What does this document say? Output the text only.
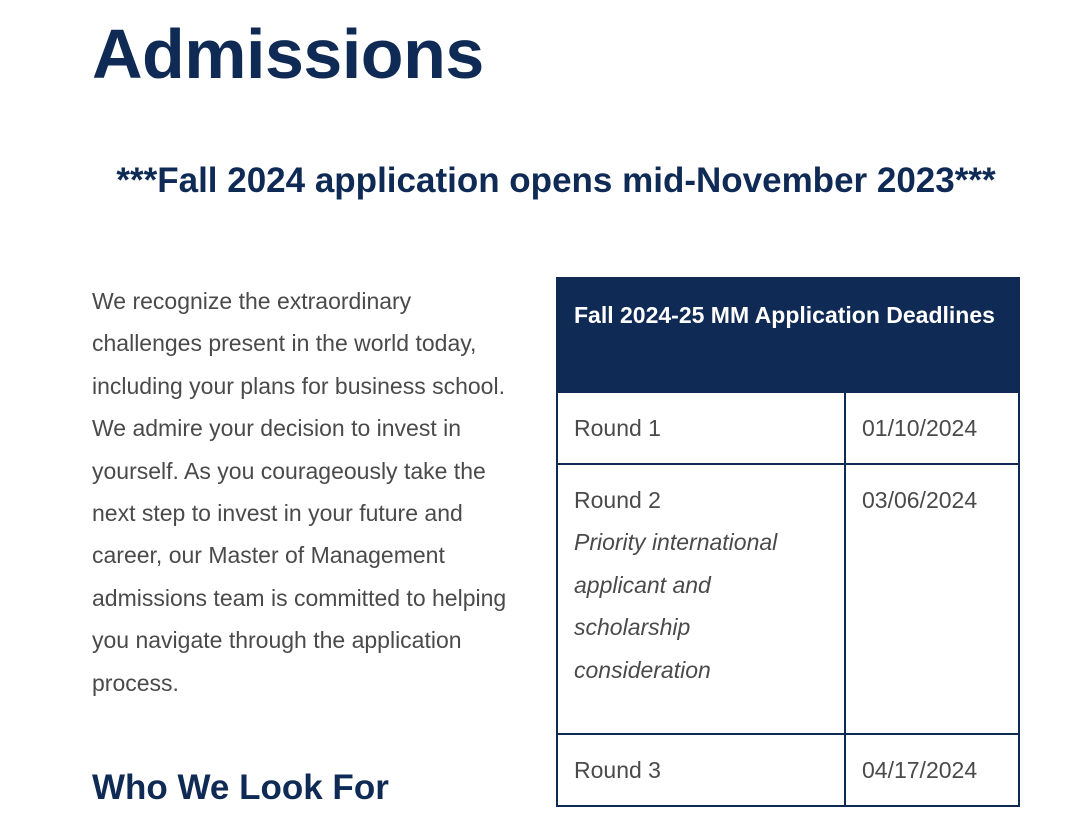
Admissions
***Fall 2024 application opens mid-November 2023***

We recognize the extraordinary challenges present in the world today, including your plans for business school. We admire your decision to invest in yourself. As you courageously take the next step to invest in your future and career, our Master of Management admissions team is committed to helping you navigate through the application process.

Fall 2024-25 MM Application Deadlines
Round 1	01/10/2024
Round 2
Priority international applicant and scholarship consideration
03/06/2024
Round 3	04/17/2024
Who We Look For
